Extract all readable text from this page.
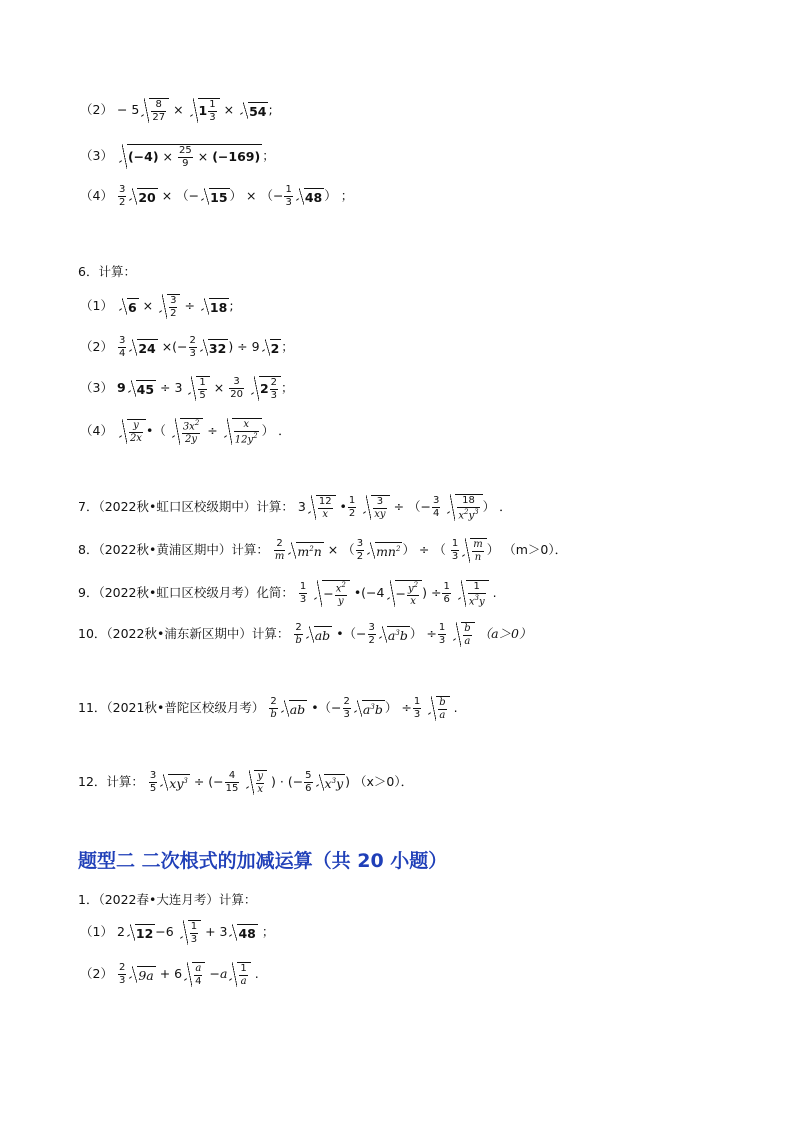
$(2) - 5 \frac{8}{27} \times 1 \frac{1}{3} \times 54$ ;
（3） $(-4) \times \frac{25}{9} \times (-169)$ ；
$(4) \frac{3}{2} 20$ × （− 15 ） × （− $\frac{1}{3} 48$ ） ；
6．计算：
（1） $6 \times \frac{3}{2} \div 18$ ;
$(2) \frac{3}{4} 24$ ×(− $\frac{2}{3} 32$ ) ÷ 9 2 ；
（3） 9 $45 \div 3 \frac{1}{5} \times \frac{3}{20} 2 \frac{2}{3}$ ；
$(4) \frac{y}{2x}$ •（ $\frac{3x^2}{2y} \div \frac{x}{12y^2}$ ） ．
7．（2022秋•虹口区校级期中）计算： $3 \frac{12}{x}$ • $\frac{1}{2}$
$\frac{3}{xy}$ ÷ （− $\frac{3}{4}$
$\frac{18}{x^2y^3}$ ） ．
8．（2022秋•黄浦区期中）计算： $\frac{2}{m} m^2n$ × （ $\frac{3}{2} mn^2$ ） ÷ （ $\frac{1}{3} \frac{m}{n}$ ） （m＞0）．
9．（2022秋•虹口区校级月考）化简： $\frac{1}{3} - \frac{x^2}{y}$ •(−4 − $\frac{y^2}{x}$ ) ÷ $\frac{1}{6}$
$\frac{1}{x^3y}$ .
10．（2022秋•浦东新区期中）计算： $\frac{2}{b}$ ab •（− $\frac{3}{2} a^3b$ ） ÷ $\frac{1}{3}$
$\frac{b}{a} (a>0)$
11．（2021秋•普陀区校级月考） $\frac{2}{b}$ ab •（− $\frac{2}{3} a^3b$ ） ÷ $\frac{1}{3}$
$\frac{b}{a}$ .
12．计算： $\frac{3}{5} xy^3$ ÷ (− $\frac{4}{15}$
$\frac{y}{x}$ ) · (− $\frac{5}{6} x^3y$ ) （x＞0）．
题型二 二次根式的加减运算（共 20 小题）
1．（2022春•大连月考）计算：
（1） 2 $12 -6 \frac{1}{3} + 3$ 48 ；
$(2) \frac{2}{3} 9a + 6 \frac{a}{4} -a \frac{1}{a}$ .
